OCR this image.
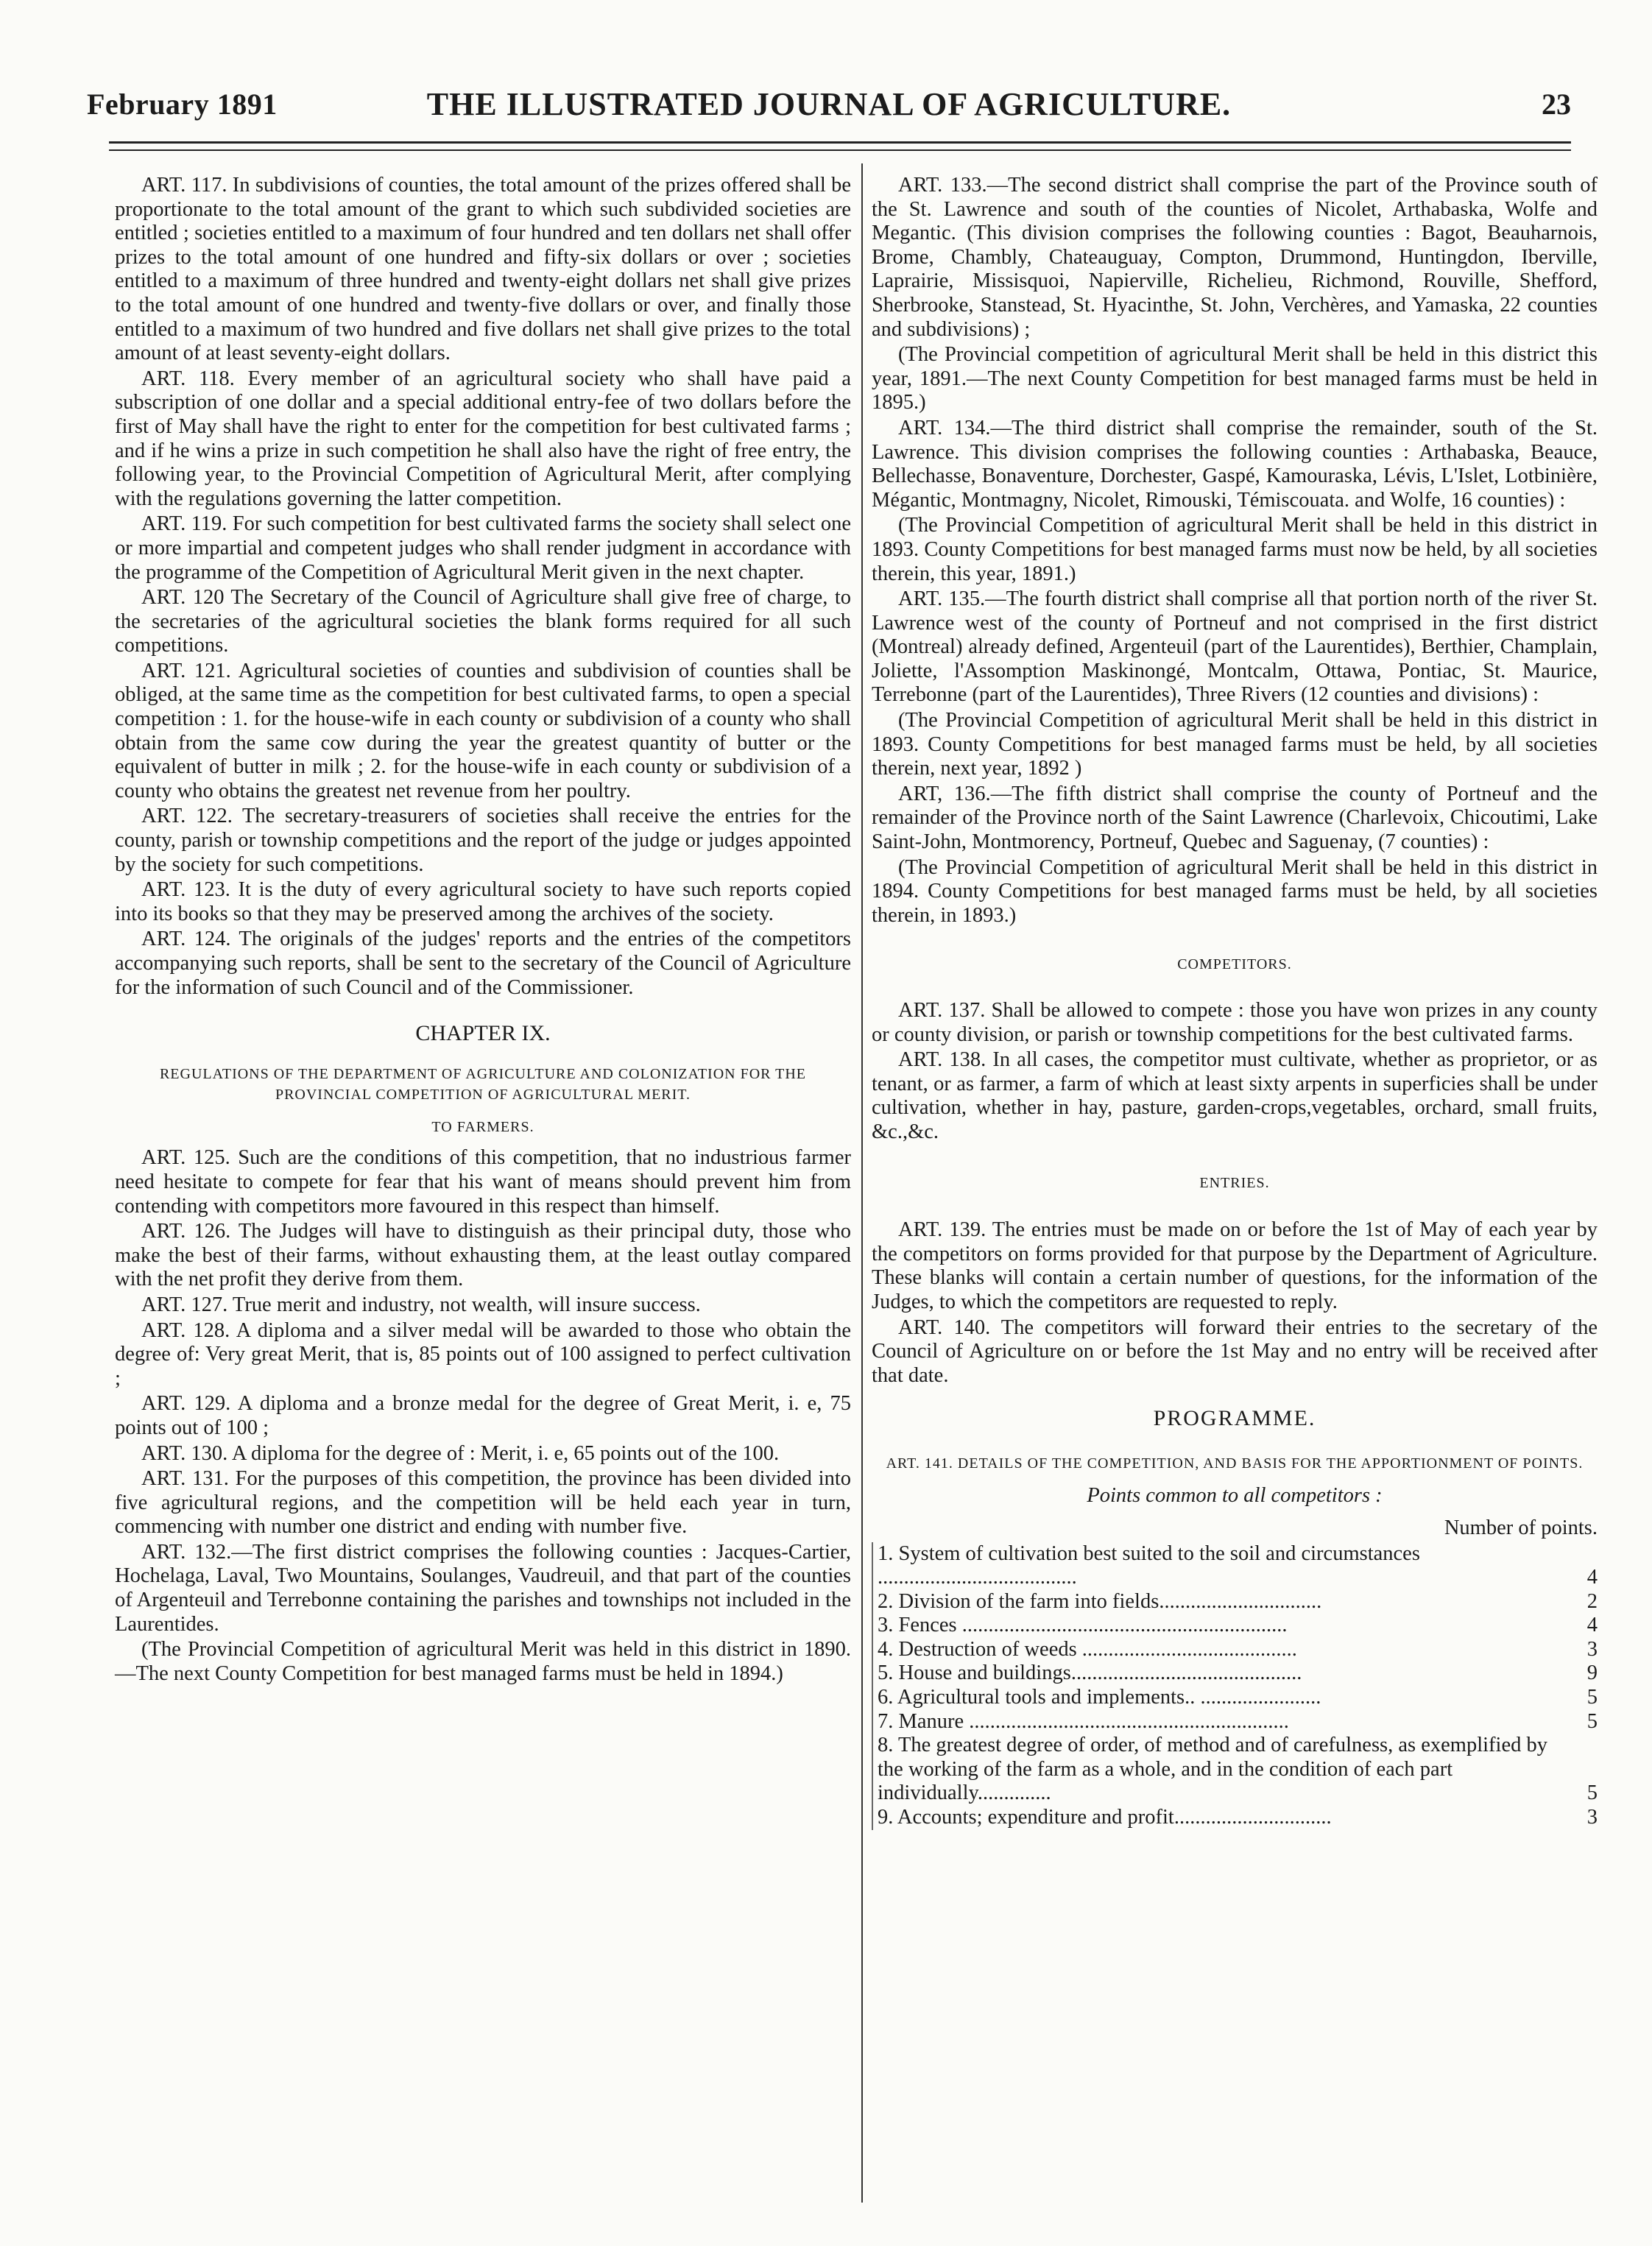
February 1891	THE ILLUSTRATED JOURNAL OF AGRICULTURE.	23

ART. 117. In subdivisions of counties, the total amount of the prizes offered shall be proportionate to the total amount of the grant to which such subdivided societies are entitled ; societies entitled to a maximum of four hundred and ten dollars net shall offer prizes to the total amount of one hundred and fifty-six dollars or over ; societies entitled to a maximum of three hundred and twenty-eight dollars net shall give prizes to the total amount of one hundred and twenty-five dollars or over, and finally those entitled to a maximum of two hundred and five dollars net shall give prizes to the total amount of at least seventy-eight dollars.

ART. 118. Every member of an agricultural society who shall have paid a subscription of one dollar and a special additional entry-fee of two dollars before the first of May shall have the right to enter for the competition for best cultivated farms ; and if he wins a prize in such competition he shall also have the right of free entry, the following year, to the Provincial Competition of Agricultural Merit, after complying with the regulations governing the latter competition.

ART. 119. For such competition for best cultivated farms the society shall select one or more impartial and competent judges who shall render judgment in accordance with the programme of the Competition of Agricultural Merit given in the next chapter.

ART. 120 The Secretary of the Council of Agriculture shall give free of charge, to the secretaries of the agricultural societies the blank forms required for all such competitions.

ART. 121. Agricultural societies of counties and subdivision of counties shall be obliged, at the same time as the competition for best cultivated farms, to open a special competition : 1. for the house-wife in each county or subdivision of a county who shall obtain from the same cow during the year the greatest quantity of butter or the equivalent of butter in milk ; 2. for the house-wife in each county or subdivision of a county who obtains the greatest net revenue from her poultry.

ART. 122. The secretary-treasurers of societies shall receive the entries for the county, parish or township competitions and the report of the judge or judges appointed by the society for such competitions.

ART. 123. It is the duty of every agricultural society to have such reports copied into its books so that they may be preserved among the archives of the society.

ART. 124. The originals of the judges' reports and the entries of the competitors accompanying such reports, shall be sent to the secretary of the Council of Agriculture for the information of such Council and of the Commissioner.

CHAPTER IX.

REGULATIONS OF THE DEPARTMENT OF AGRICULTURE AND COLONIZATION FOR THE PROVINCIAL COMPETITION OF AGRICULTURAL MERIT.

TO FARMERS.

ART. 125. Such are the conditions of this competition, that no industrious farmer need hesitate to compete for fear that his want of means should prevent him from contending with competitors more favoured in this respect than himself.

ART. 126. The Judges will have to distinguish as their principal duty, those who make the best of their farms, without exhausting them, at the least outlay compared with the net profit they derive from them.

ART. 127. True merit and industry, not wealth, will insure success.

ART. 128. A diploma and a silver medal will be awarded to those who obtain the degree of: Very great Merit, that is, 85 points out of 100 assigned to perfect cultivation ;

ART. 129. A diploma and a bronze medal for the degree of Great Merit, i. e, 75 points out of 100 ;

ART. 130. A diploma for the degree of : Merit, i. e, 65 points out of the 100.

ART. 131. For the purposes of this competition, the province has been divided into five agricultural regions, and the competition will be held each year in turn, commencing with number one district and ending with number five.

ART. 132.—The first district comprises the following counties : Jacques-Cartier, Hochelaga, Laval, Two Mountains, Soulanges, Vaudreuil, and that part of the counties of Argenteuil and Terrebonne containing the parishes and townships not included in the Laurentides.

(The Provincial Competition of agricultural Merit was held in this district in 1890.—The next County Competition for best managed farms must be held in 1894.)

ART. 133.—The second district shall comprise the part of the Province south of the St. Lawrence and south of the counties of Nicolet, Arthabaska, Wolfe and Megantic. (This division comprises the following counties : Bagot, Beauharnois, Brome, Chambly, Chateauguay, Compton, Drummond, Huntingdon, Iberville, Laprairie, Missisquoi, Napierville, Richelieu, Richmond, Rouville, Shefford, Sherbrooke, Stanstead, St. Hyacinthe, St. John, Verchères, and Yamaska, 22 counties and subdivisions) ;

(The Provincial competition of agricultural Merit shall be held in this district this year, 1891.—The next County Competition for best managed farms must be held in 1895.)

ART. 134.—The third district shall comprise the remainder, south of the St. Lawrence. This division comprises the following counties : Arthabaska, Beauce, Bellechasse, Bonaventure, Dorchester, Gaspé, Kamouraska, Lévis, L'Islet, Lotbinière, Mégantic, Montmagny, Nicolet, Rimouski, Témiscouata. and Wolfe, 16 counties) :

(The Provincial Competition of agricultural Merit shall be held in this district in 1893. County Competitions for best managed farms must now be held, by all societies therein, this year, 1891.)

ART. 135.—The fourth district shall comprise all that portion north of the river St. Lawrence west of the county of Portneuf and not comprised in the first district (Montreal) already defined, Argenteuil (part of the Laurentides), Berthier, Champlain, Joliette, l'Assomption Maskinongé, Montcalm, Ottawa, Pontiac, St. Maurice, Terrebonne (part of the Laurentides), Three Rivers (12 counties and divisions) :

(The Provincial Competition of agricultural Merit shall be held in this district in 1893. County Competitions for best managed farms must be held, by all societies therein, next year, 1892 )

ART, 136.—The fifth district shall comprise the county of Portneuf and the remainder of the Province north of the Saint Lawrence (Charlevoix, Chicoutimi, Lake Saint-John, Montmorency, Portneuf, Quebec and Saguenay, (7 counties) :

(The Provincial Competition of agricultural Merit shall be held in this district in 1894. County Competitions for best managed farms must be held, by all societies therein, in 1893.)

COMPETITORS.

ART. 137. Shall be allowed to compete : those you have won prizes in any county or county division, or parish or township competitions for the best cultivated farms.

ART. 138. In all cases, the competitor must cultivate, whether as proprietor, or as tenant, or as farmer, a farm of which at least sixty arpents in superficies shall be under cultivation, whether in hay, pasture, garden-crops,vegetables, orchard, small fruits, &c.,&c.

ENTRIES.

ART. 139. The entries must be made on or before the 1st of May of each year by the competitors on forms provided for that purpose by the Department of Agriculture. These blanks will contain a certain number of questions, for the information of the Judges, to which the competitors are requested to reply.

ART. 140. The competitors will forward their entries to the secretary of the Council of Agriculture on or before the 1st May and no entry will be received after that date.

PROGRAMME.

ART. 141. DETAILS OF THE COMPETITION, AND BASIS FOR THE APPORTIONMENT OF POINTS.

Points common to all competitors :

Number of points.

1. System of cultivation best suited to the soil and circumstances ......................................	4
2. Division of the farm into fields...............................	2
3. Fences ..............................................................	4
4. Destruction of weeds .........................................	3
5. House and buildings............................................	9
6. Agricultural tools and implements.. .......................	5
7. Manure .............................................................	5
8. The greatest degree of order, of method and of carefulness, as exemplified by the working of the farm as a whole, and in the condition of each part individually..............	5
9. Accounts; expenditure and profit..............................	3
